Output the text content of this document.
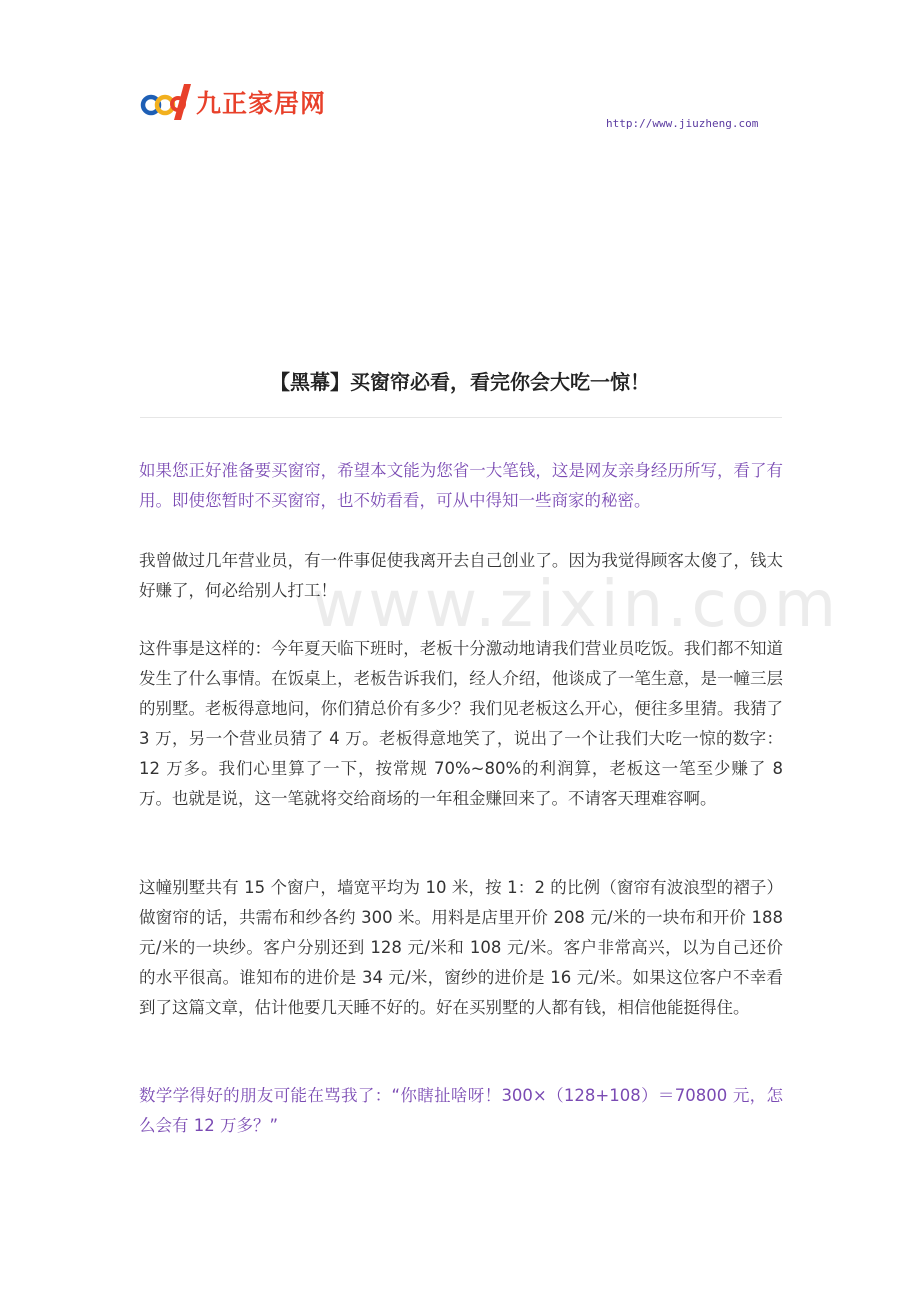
九正家居网
http://www.jiuzheng.com
www.zixin.com
【黑幕】买窗帘必看，看完你会大吃一惊！

如果您正好准备要买窗帘，希望本文能为您省一大笔钱，这是网友亲身经历所写，看了有用。即使您暂时不买窗帘，也不妨看看，可从中得知一些商家的秘密。

我曾做过几年营业员，有一件事促使我离开去自己创业了。因为我觉得顾客太傻了，钱太好赚了，何必给别人打工！

这件事是这样的：今年夏天临下班时，老板十分激动地请我们营业员吃饭。我们都不知道发生了什么事情。在饭桌上，老板告诉我们，经人介绍，他谈成了一笔生意，是一幢三层的别墅。老板得意地问，你们猜总价有多少？我们见老板这么开心，便往多里猜。我猜了 3 万，另一个营业员猜了 4 万。老板得意地笑了，说出了一个让我们大吃一惊的数字：12 万多。我们心里算了一下，按常规 70%~80%的利润算，老板这一笔至少赚了 8 万。也就是说，这一笔就将交给商场的一年租金赚回来了。不请客天理难容啊。

这幢别墅共有 15 个窗户，墙宽平均为 10 米，按 1：2 的比例（窗帘有波浪型的褶子）做窗帘的话，共需布和纱各约 300 米。用料是店里开价 208 元/米的一块布和开价 188 元/米的一块纱。客户分别还到 128 元/米和 108 元/米。客户非常高兴，以为自己还价的水平很高。谁知布的进价是 34 元/米，窗纱的进价是 16 元/米。如果这位客户不幸看到了这篇文章，估计他要几天睡不好的。好在买别墅的人都有钱，相信他能挺得住。

数学学得好的朋友可能在骂我了：“你瞎扯啥呀！300×（128+108）＝70800 元，怎么会有 12 万多？”
